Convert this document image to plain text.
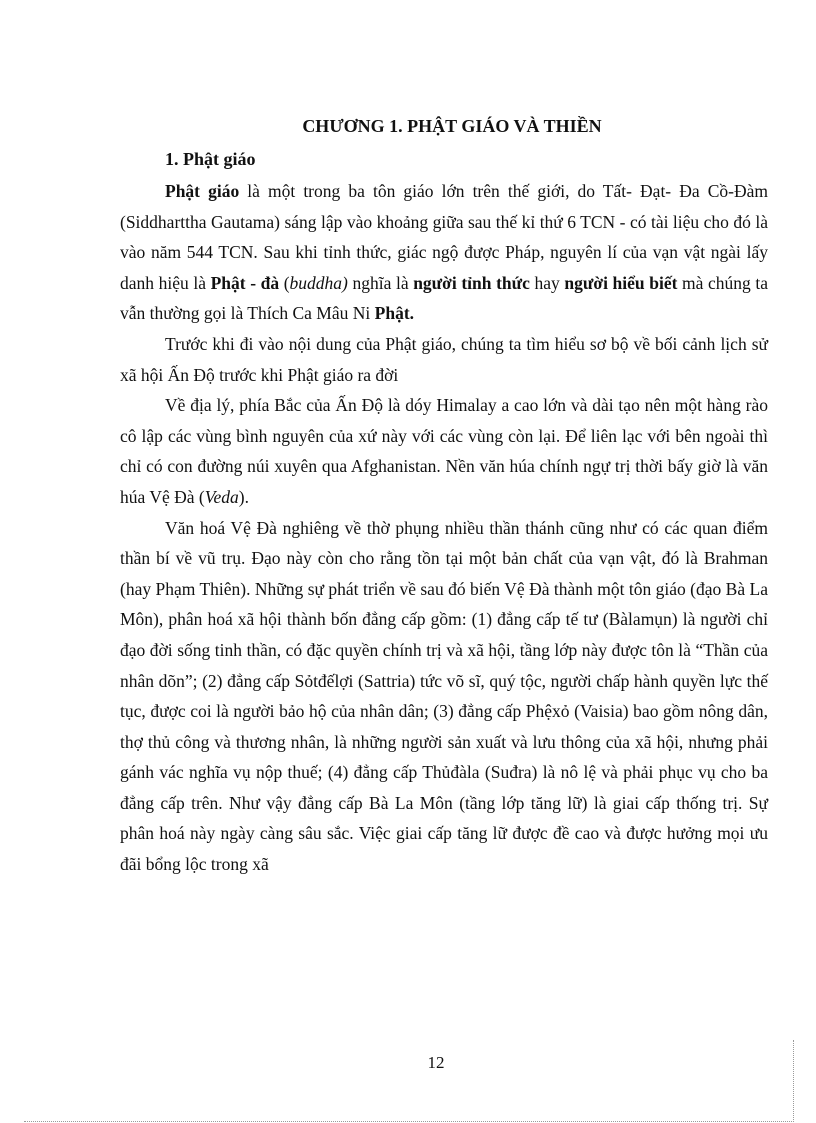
CHƯƠNG 1. PHẬT GIÁO VÀ THIỀN
1. Phật giáo

Phật giáo là một trong ba tôn giáo lớn trên thế giới, do Tất- Đạt- Đa Cồ-Đàm (Siddharttha Gautama) sáng lập vào khoảng giữa sau thế kỉ thứ 6 TCN - có tài liệu cho đó là vào năm 544 TCN. Sau khi tỉnh thức, giác ngộ được Pháp, nguyên lí của vạn vật ngài lấy danh hiệu là Phật - đà (buddha) nghĩa là người tỉnh thức hay người hiểu biết mà chúng ta vẫn thường gọi là Thích Ca Mâu Ni Phật.

Trước khi đi vào nội dung của Phật giáo, chúng ta tìm hiểu sơ bộ về bối cảnh lịch sử xã hội Ấn Độ trước khi Phật giáo ra đời

Về địa lý, phía Bắc của Ấn Độ là dóy Himalay a cao lớn và dài tạo nên một hàng rào cô lập các vùng bình nguyên của xứ này với các vùng còn lại. Để liên lạc với bên ngoài thì chỉ có con đường núi xuyên qua Afghanistan. Nền văn húa chính ngự trị thời bấy giờ là văn húa Vệ Đà (Veda).

Văn hoá Vệ Đà nghiêng về thờ phụng nhiều thần thánh cũng như có các quan điểm thần bí về vũ trụ. Đạo này còn cho rằng tồn tại một bản chất của vạn vật, đó là Brahman (hay Phạm Thiên). Những sự phát triển về sau đó biến Vệ Đà thành một tôn giáo (đạo Bà La Môn), phân hoá xã hội thành bốn đẳng cấp gồm: (1) đẳng cấp tế tư (Bàlamụn) là người chỉ đạo đời sống tinh thần, có đặc quyền chính trị và xã hội, tầng lớp này được tôn là “Thần của nhân dõn”; (2) đẳng cấp Sỏtđếlợi (Sattria) tức võ sĩ, quý tộc, người chấp hành quyền lực thế tục, được coi là người bảo hộ của nhân dân; (3) đẳng cấp Phệxỏ (Vaisia) bao gồm nông dân, thợ thủ công và thương nhân, là những người sản xuất và lưu thông của xã hội, nhưng phải gánh vác nghĩa vụ nộp thuế; (4) đẳng cấp Thủđàla (Suđra) là nô lệ và phải phục vụ cho ba đẳng cấp trên. Như vậy đẳng cấp Bà La Môn (tầng lớp tăng lữ) là giai cấp thống trị. Sự phân hoá này ngày càng sâu sắc. Việc giai cấp tăng lữ được đề cao và được hưởng mọi ưu đãi bổng lộc trong xã

12
